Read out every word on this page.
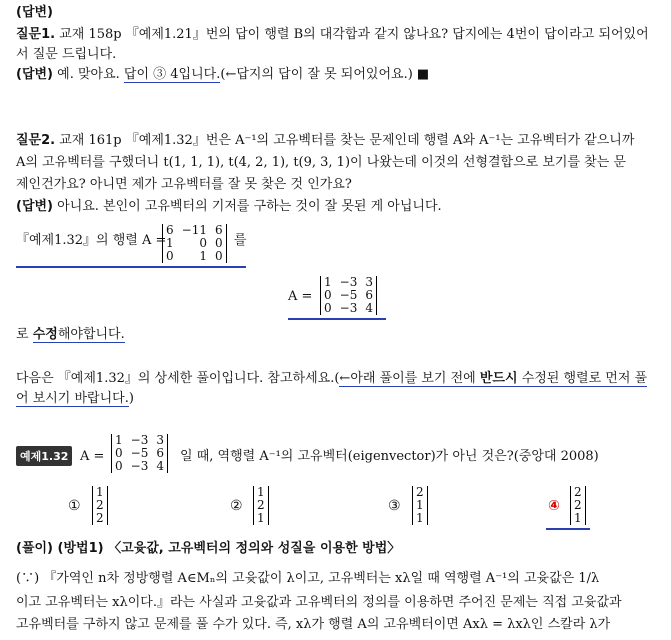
(답변)
질문1. 교재 158p 『예제1.21』번의 답이 행렬 B의 대각합과 같지 않나요? 답지에는 4번이 답이라고 되어있어
서 질문 드립니다.
(답변) 예. 맞아요. 답이 ③ 4입니다.(←답지의 답이 잘 못 되어있어요.) ■
질문2. 교재 161p 『예제1.32』번은 A⁻¹의 고유벡터를 찾는 문제인데 행렬 A와 A⁻¹는 고유벡터가 같으니까
A의 고유벡터를 구했더니 t(1, 1, 1), t(4, 2, 1), t(9, 3, 1)이 나왔는데 이것의 선형결합으로 보기를 찾는 문
제인건가요? 아니면 제가 고유벡터를 잘 못 찾은 것 인가요?
(답변) 아니요. 본인이 고유벡터의 기저를 구하는 것이 잘 못된 게 아닙니다.
『예제1.32』의 행렬 A =
6 −11 6
1	0 0
0	1 0
를
A =
1 −3 3
0 −5 6
0 −3 4
로 수정해야합니다.
다음은 『예제1.32』의 상세한 풀이입니다. 참고하세요.(←아래 풀이를 보기 전에 반드시 수정된 행렬로 먼저 풀
어 보시기 바랍니다.)
예제1.32 A =
1 −3 3
0 −5 6
0 −3 4
일 때, 역행렬 A⁻¹의 고유벡터(eigenvector)가 아닌 것은?(중앙대 2008)
①
1
2
2
②
1
2
1
③
2
1
1
④
2
2
1
(풀이) (방법1) 〈고윳값, 고유벡터의 정의와 성질을 이용한 방법〉
(∵) 『가역인 n차 정방행렬 A∈Mₙ의 고윳값이 λ이고, 고유벡터는 xλ일 때 역행렬 A⁻¹의 고윳값은 1/λ
이고 고유벡터는 xλ이다.』라는 사실과 고윳값과 고유벡터의 정의를 이용하면 주어진 문제는 직접 고윳값과
고유벡터를 구하지 않고 문제를 풀 수가 있다. 즉, xλ가 행렬 A의 고유벡터이면 Axλ = λxλ인 스칼라 λ가
